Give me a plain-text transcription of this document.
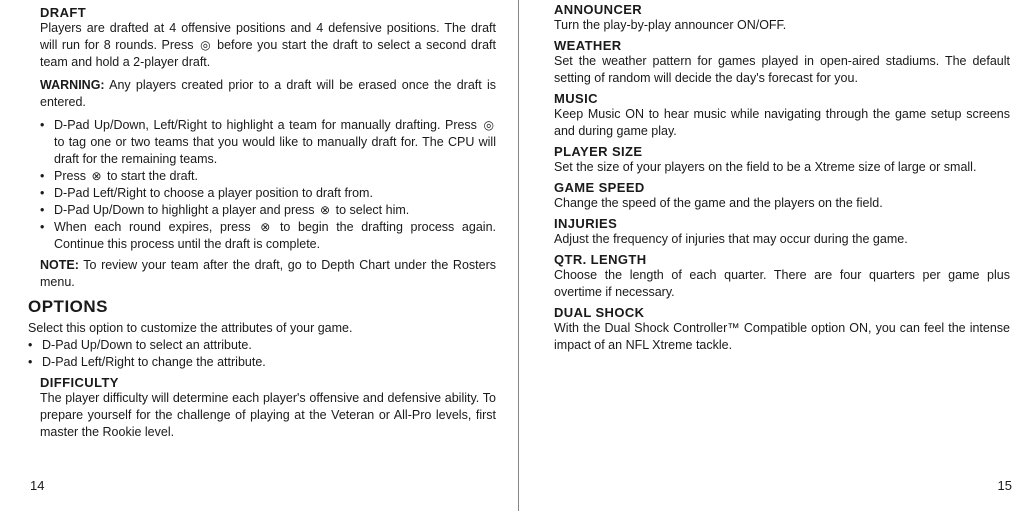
DRAFT

Players are drafted at 4 offensive positions and 4 defensive positions. The draft will run for 8 rounds. Press ◎ before you start the draft to select a second draft team and hold a 2-player draft.

WARNING: Any players created prior to a draft will be erased once the draft is entered.

• D-Pad Up/Down, Left/Right to highlight a team for manually drafting. Press ◎ to tag one or two teams that you would like to manually draft for. The CPU will draft for the remaining teams.
• Press ⊗ to start the draft.
• D-Pad Left/Right to choose a player position to draft from.
• D-Pad Up/Down to highlight a player and press ⊗ to select him.
• When each round expires, press ⊗ to begin the drafting process again. Continue this process until the draft is complete.

NOTE: To review your team after the draft, go to Depth Chart under the Rosters menu.

OPTIONS

Select this option to customize the attributes of your game.

• D-Pad Up/Down to select an attribute.
• D-Pad Left/Right to change the attribute.
DIFFICULTY

The player difficulty will determine each player's offensive and defensive ability. To prepare yourself for the challenge of playing at the Veteran or All-Pro levels, first master the Rookie level.

14
ANNOUNCER

Turn the play-by-play announcer ON/OFF.

WEATHER

Set the weather pattern for games played in open-aired stadiums. The default setting of random will decide the day's forecast for you.

MUSIC

Keep Music ON to hear music while navigating through the game setup screens and during game play.

PLAYER SIZE

Set the size of your players on the field to be a Xtreme size of large or small.

GAME SPEED

Change the speed of the game and the players on the field.

INJURIES

Adjust the frequency of injuries that may occur during the game.

QTR. LENGTH

Choose the length of each quarter. There are four quarters per game plus overtime if necessary.

DUAL SHOCK

With the Dual Shock Controller™ Compatible option ON, you can feel the intense impact of an NFL Xtreme tackle.

15
